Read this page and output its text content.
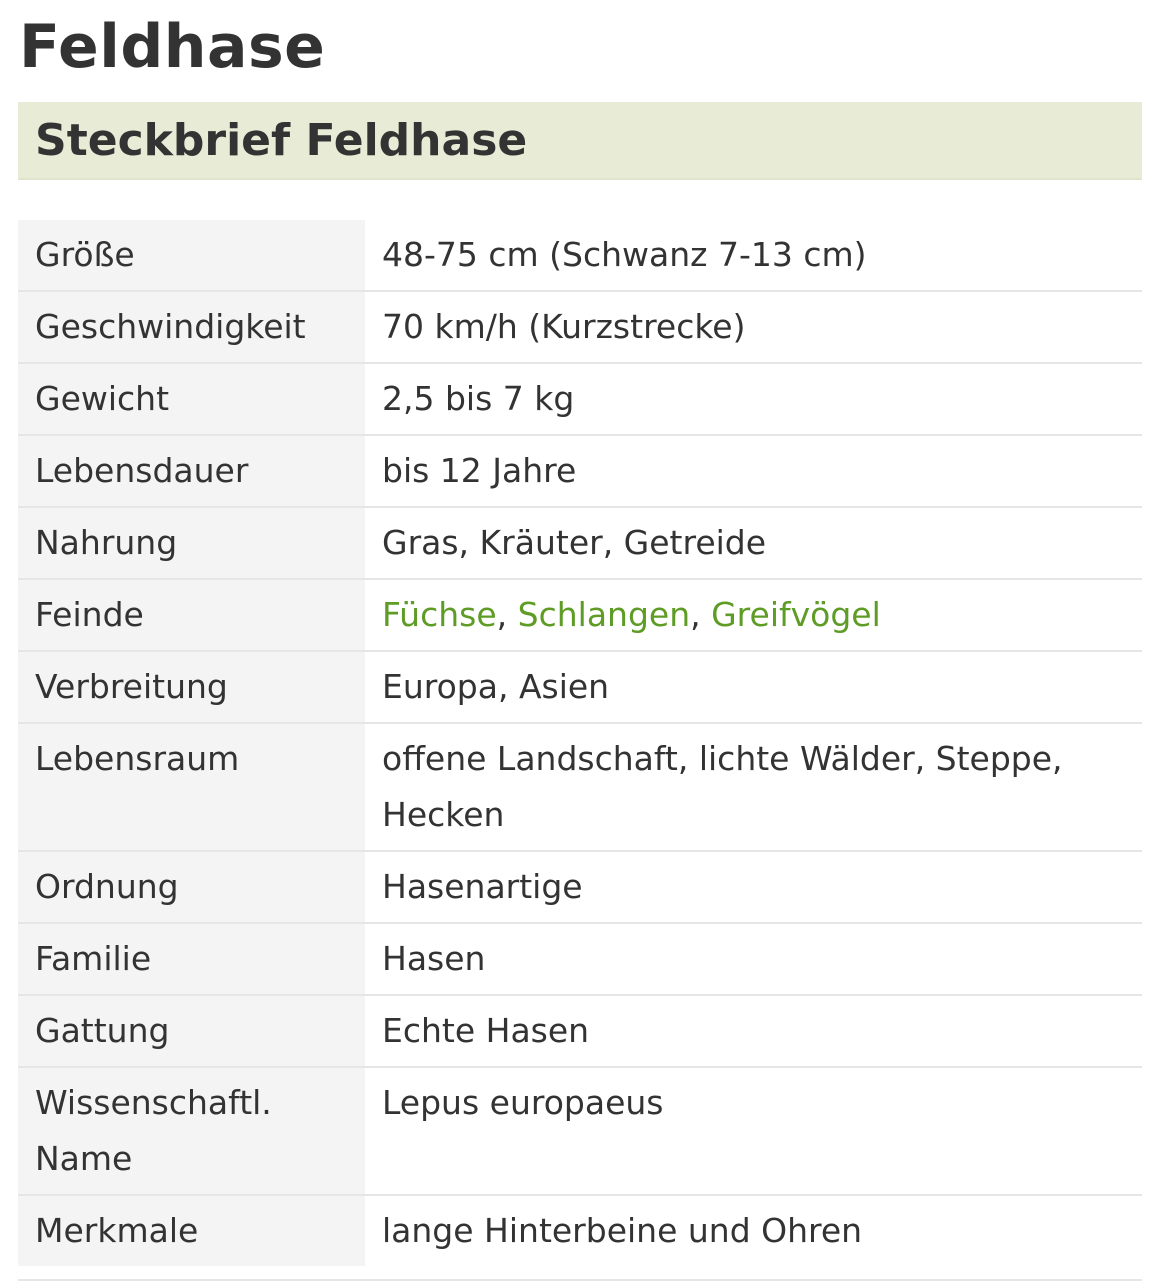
Feldhase
Steckbrief Feldhase
Größe	48-75 cm (Schwanz 7-13 cm)
Geschwindigkeit	70 km/h (Kurzstrecke)
Gewicht	2,5 bis 7 kg
Lebensdauer	bis 12 Jahre
Nahrung	Gras, Kräuter, Getreide
Feinde	Füchse, Schlangen, Greifvögel
Verbreitung	Europa, Asien
Lebensraum	offene Landschaft, lichte Wälder, Steppe, Hecken
Ordnung	Hasenartige
Familie	Hasen
Gattung	Echte Hasen
Wissenschaftl. Name	Lepus europaeus
Merkmale	lange Hinterbeine und Ohren
